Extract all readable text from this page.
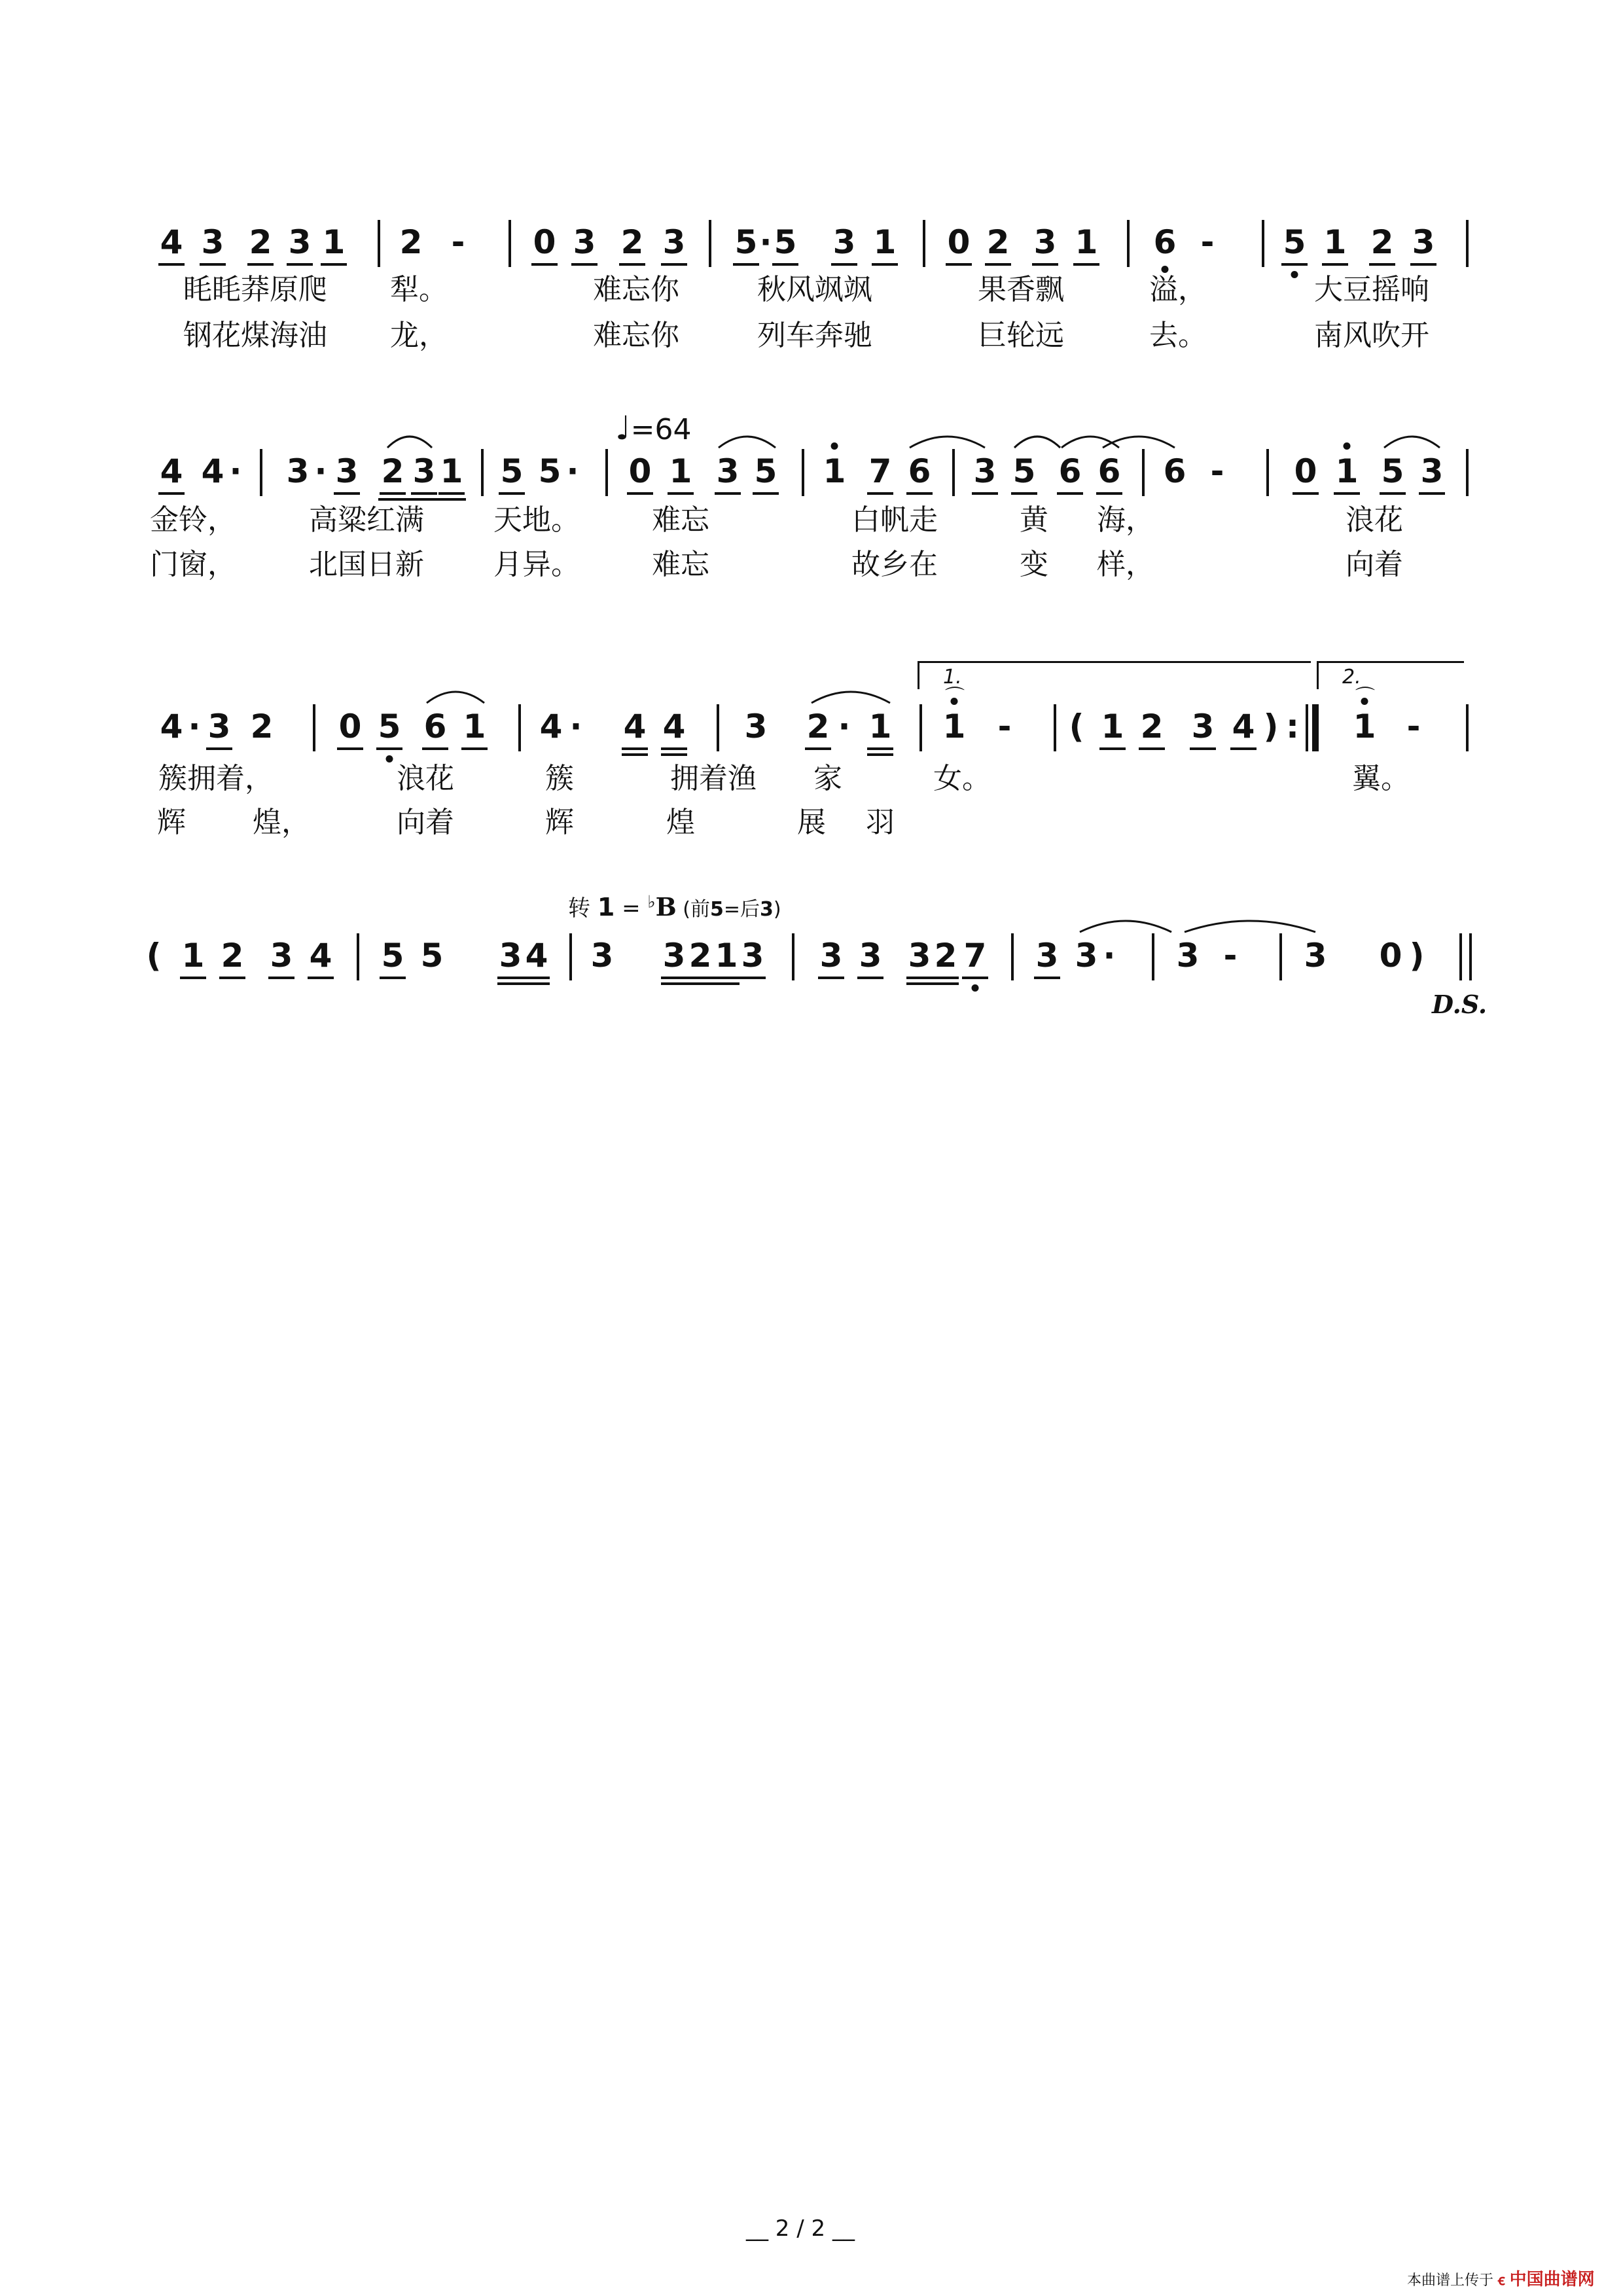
4 3 2 3 1 2 - 0 3 2 3 5 · 5 3 1 0 2 3 1 6 - 5 1 2 3
眊眊莽原爬 犁。	难忘你	秋风飒飒	果香飘	溢，	大豆摇响
钢花煤海油 龙，	难忘你	列车奔驰	巨轮远	去。	南风吹开
♩=64
4 4 · 3 · 3 2 3 1 5 5 · 0 1 3 5 1 7 6 3 5 6 6 6 - 0 1 5 3
金铃，	高粱红满 天地。	难忘	白帆走	黄 海，	浪花
门窗，	北国日新 月异。	难忘	故乡在	变 样，	向着
1.	2.
4 · 3 2 0 5 6 1 4 · 4 4 3 2 · 1 1
⌒
- ( 1 2 3 4 ) : 1
⌒
-
簇拥着，	浪花	簇	拥着渔 家	女。	翼。
辉 煌，	向着	辉	煌	展 羽
转 1 = ♭B (前5=后3)
( 1 2 3 4 5 5 3 4 3 3 2 1 3 3 3 3 2 7 3 3 · 3 - 3 0 )
D.S.
__ 2 / 2 __
本曲谱上传于 ꞓ 中国曲谱网
